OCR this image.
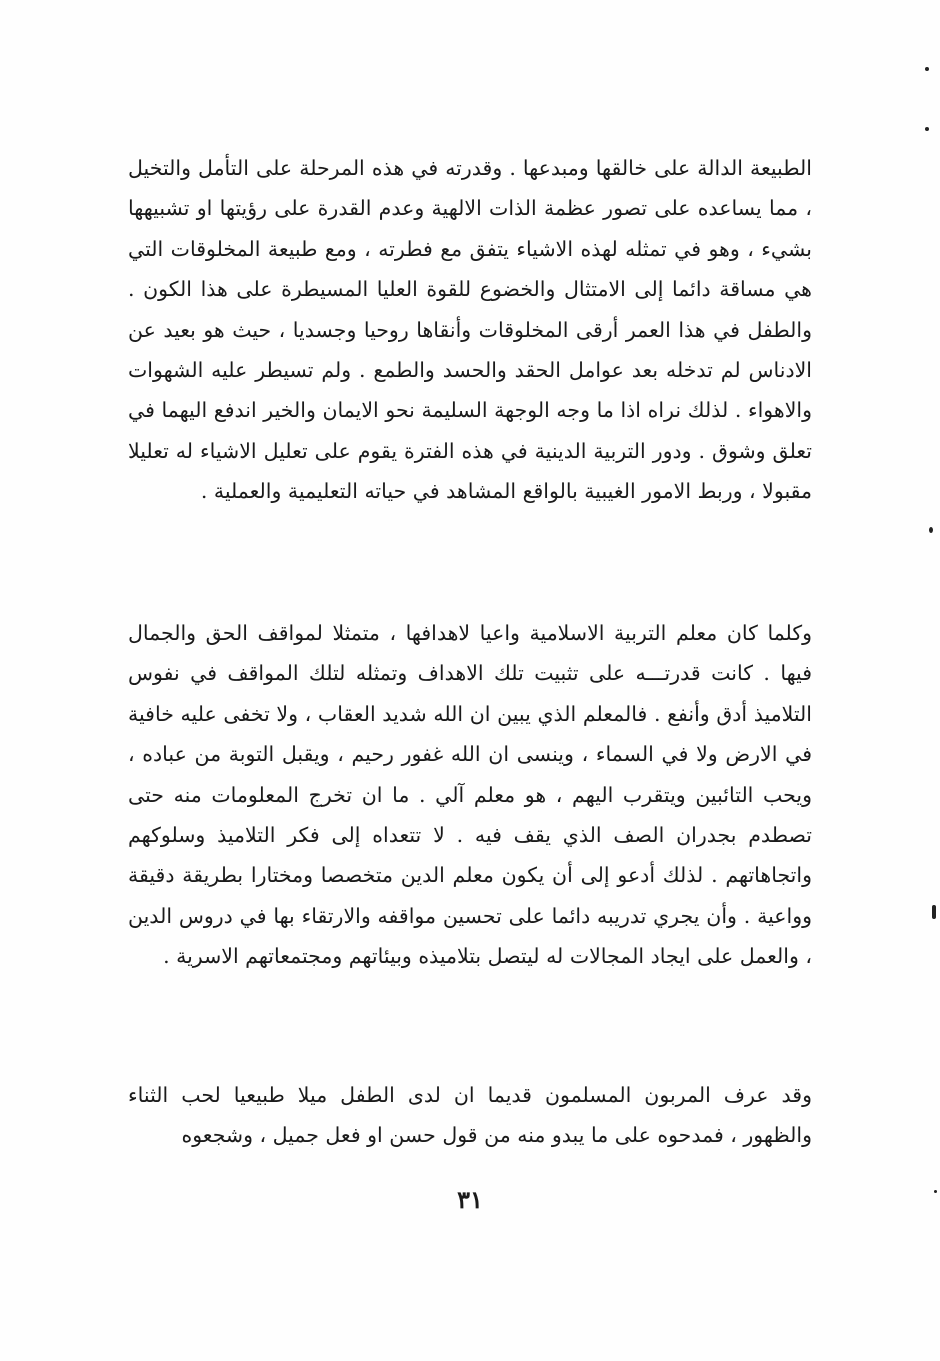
الطبيعة الدالة على خالقها ومبدعها . وقدرته في هذه المرحلة على التأمل والتخيل ، مما يساعده على تصور عظمة الذات الالهية وعدم القدرة على رؤيتها او تشبيهها بشيء ، وهو في تمثله لهذه الاشياء يتفق مع فطرته ، ومع طبيعة المخلوقات التي هي مساقة دائما إلى الامتثال والخضوع للقوة العليا المسيطرة على هذا الكون . والطفل في هذا العمر أرقى المخلوقات وأنقاها روحيا وجسديا ، حيث هو بعيد عن الادناس لم تدخله بعد عوامل الحقد والحسد والطمع . ولم تسيطر عليه الشهوات والاهواء . لذلك نراه اذا ما وجه الوجهة السليمة نحو الايمان والخير اندفع اليهما في تعلق وشوق . ودور التربية الدينية في هذه الفترة يقوم على تعليل الاشياء له تعليلا مقبولا ، وربط الامور الغيبية بالواقع المشاهد في حياته التعليمية والعملية .
وكلما كان معلم التربية الاسلامية واعيا لاهدافها ، متمثلا لمواقف الحق والجمال فيها . كانت قدرتـــه على تثبيت تلك الاهداف وتمثله لتلك المواقف في نفوس التلاميذ أدق وأنفع . فالمعلم الذي يبين ان الله شديد العقاب ، ولا تخفى عليه خافية في الارض ولا في السماء ، وينسى ان الله غفور رحيم ، ويقبل التوبة من عباده ، ويحب التائبين ويتقرب اليهم ، هو معلم آلي . ما ان تخرج المعلومات منه حتى تصطدم بجدران الصف الذي يقف فيه . لا تتعداه إلى فكر التلاميذ وسلوكهم واتجاهاتهم . لذلك أدعو إلى أن يكون معلم الدين متخصصا ومختارا بطريقة دقيقة وواعية . وأن يجري تدريبه دائما على تحسين مواقفه والارتقاء بها في دروس الدين ، والعمل على ايجاد المجالات له ليتصل بتلاميذه وبيئاتهم ومجتمعاتهم الاسرية .
وقد عرف المربون المسلمون قديما ان لدى الطفل ميلا طبيعيا لحب الثناء والظهور ، فمدحوه على ما يبدو منه من قول حسن او فعل جميل ، وشجعوه
٣١
